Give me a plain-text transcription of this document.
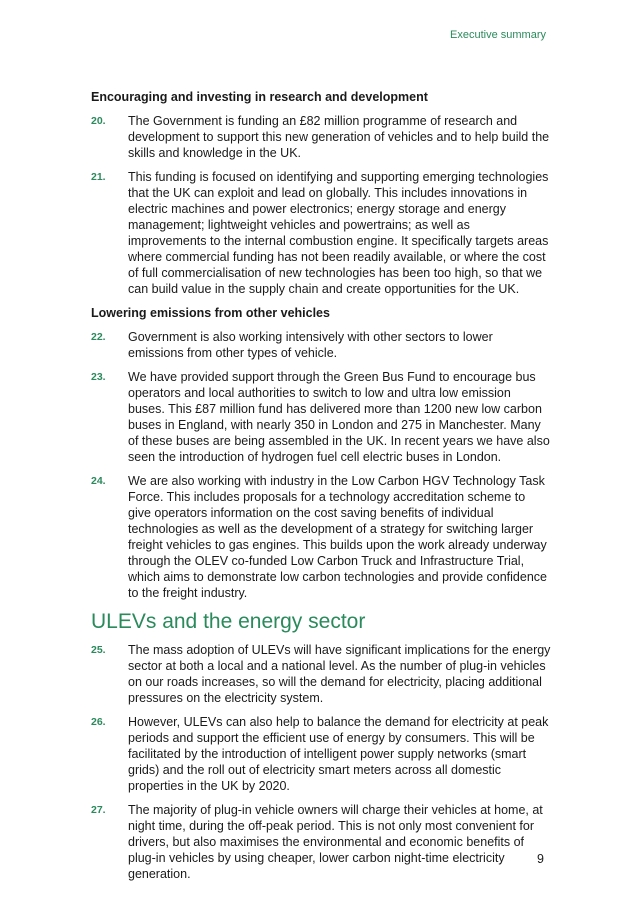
Executive summary
Encouraging and investing in research and development
20.	The Government is funding an £82 million programme of research and development to support this new generation of vehicles and to help build the skills and knowledge in the UK.
21.	This funding is focused on identifying and supporting emerging technologies that the UK can exploit and lead on globally. This includes innovations in electric machines and power electronics; energy storage and energy management; lightweight vehicles and powertrains; as well as improvements to the internal combustion engine. It specifically targets areas where commercial funding has not been readily available, or where the cost of full commercialisation of new technologies has been too high, so that we can build value in the supply chain and create opportunities for the UK.
Lowering emissions from other vehicles
22.	Government is also working intensively with other sectors to lower emissions from other types of vehicle.
23.	We have provided support through the Green Bus Fund to encourage bus operators and local authorities to switch to low and ultra low emission buses. This £87 million fund has delivered more than 1200 new low carbon buses in England, with nearly 350 in London and 275 in Manchester. Many of these buses are being assembled in the UK. In recent years we have also seen the introduction of hydrogen fuel cell electric buses in London.
24.	We are also working with industry in the Low Carbon HGV Technology Task Force. This includes proposals for a technology accreditation scheme to give operators information on the cost saving benefits of individual technologies as well as the development of a strategy for switching larger freight vehicles to gas engines. This builds upon the work already underway through the OLEV co-funded Low Carbon Truck and Infrastructure Trial, which aims to demonstrate low carbon technologies and provide confidence to the freight industry.
ULEVs and the energy sector
25.	The mass adoption of ULEVs will have significant implications for the energy sector at both a local and a national level. As the number of plug-in vehicles on our roads increases, so will the demand for electricity, placing additional pressures on the electricity system.
26.	However, ULEVs can also help to balance the demand for electricity at peak periods and support the efficient use of energy by consumers. This will be facilitated by the introduction of intelligent power supply networks (smart grids) and the roll out of electricity smart meters across all domestic properties in the UK by 2020.
27.	The majority of plug-in vehicle owners will charge their vehicles at home, at night time, during the off-peak period. This is not only most convenient for drivers, but also maximises the environmental and economic benefits of plug-in vehicles by using cheaper, lower carbon night-time electricity generation.
9
